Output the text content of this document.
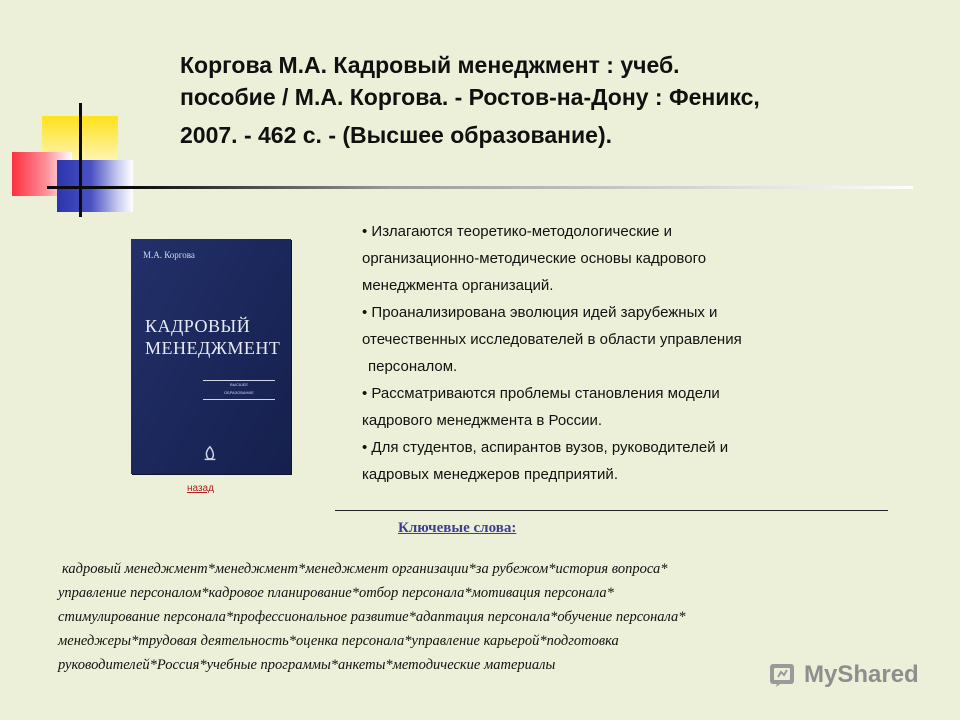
Коргова М.А. Кадровый менеджмент : учеб.
пособие / М.А. Коргова. - Ростов-на-Дону : Феникс,
2007. - 462 с. - (Высшее образование).
М.А. Коргова
КАДРОВЫЙ
МЕНЕДЖМЕНТ
ВЫСШЕЕ
ОБРАЗОВАНИЕ
назад
• Излагаются теоретико-методологические и
организационно-методические основы кадрового
менеджмента организаций.
• Проанализирована эволюция идей зарубежных и
отечественных исследователей в области управления
персоналом.
• Рассматриваются проблемы становления модели
кадрового менеджмента в России.
• Для студентов, аспирантов вузов, руководителей и
кадровых менеджеров предприятий.
Ключевые слова:
кадровый менеджмент*менеджмент*менеджмент организации*за рубежом*история вопроса*
управление персоналом*кадровое планирование*отбор персонала*мотивация персонала*
стимулирование персонала*профессиональное развитие*адаптация персонала*обучение персонала*
менеджеры*трудовая деятельность*оценка персонала*управление карьерой*подготовка
руководителей*Россия*учебные программы*анкеты*методические материалы	MyShared
